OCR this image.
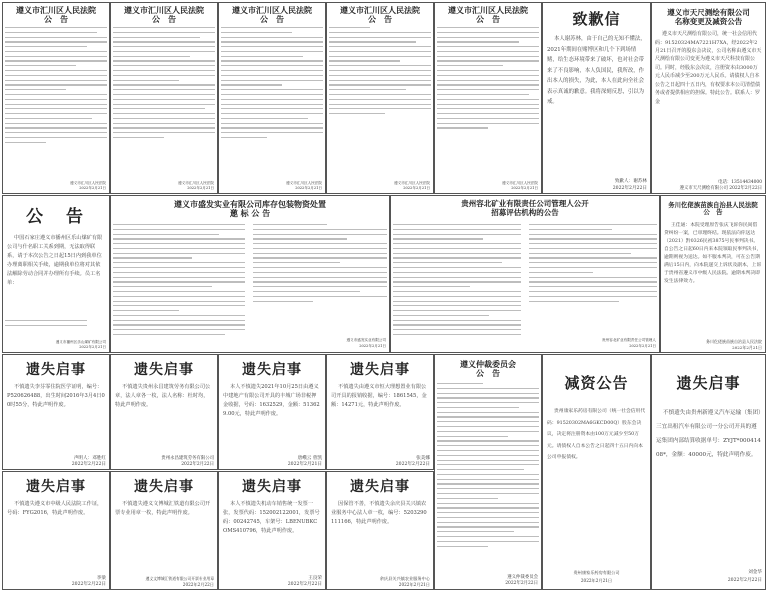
遵义市汇川区人民法院
公　告
遵义市汇川区人民法院
2022年2月21日
遵义市汇川区人民法院
公　告
遵义市汇川区人民法院
2022年2月21日
遵义市汇川区人民法院
公　告
遵义市汇川区人民法院
2022年2月21日
遵义市汇川区人民法院
公　告
遵义市汇川区人民法院
2022年2月21日
遵义市汇川区人民法院
公　告
遵义市汇川区人民法院
2022年2月21日
致歉信
本人谢苏林，由于自己的无知不懂法，2021年期间在赌博区和几个下到场情赌，给生态环境带来了破坏，也对社会带来了不良影响，本人负国民，我所改，作出本人的损失，为此，本人在此向全社会表示真诚的歉意。我将深刻反思，引以为戒。
致歉人：谢苏林
2022年2月22日
遵义市天尺测绘有限公司
名称变更及减资公告
遵义市天尺测绘有限公司，统一社会信用代码：91520324MA7221H7XA，经2022年2月21日召开的股东会决议，公司名称由遵义市天尺测绘有限公司变更为遵义市天尺科技有限公司。同时，经股东会决议，注册资本由3000万元人民币减少至200万元人民币。请债权人自本公告之日起四十五日内，有权要求本公司清偿债务或者提供相应的担保。特此公告。联系人：罗金
电话：13514434000
遵义市天尺测绘有限公司 2022年2月22日
公　告
中国石家庄遵义市播州区乐山煤矿有限公司与什名职工关系到期，无法取得联系，请于本次公告之日起15日内到我单位办理离职相关手续，逾期我单位将对其依法解除劳动合同并办理所有手续。员工名单：
遵义市播州区乐山煤矿有限公司
2022年2月21日
遵义市盛发实业有限公司库存包装物资处置
邀 标 公 告
遵义市盛发实业有限公司
2022年2月21日
贵州容北矿业有限责任公司管理人公开
招募评估机构的公告
贵州容北矿业有限责任公司管理人
2022年2月21日
务川仡佬族苗族自治县人民法院
公　告
王佳通：本院受理原告张庆飞诉你民间借贷纠纷一案，已审理终结。现依法向你送达（2021）黔0326民初3875号民事判决书。自公告之日起60日内来本院领取民事判决书，逾期则视为送达。如不服本判决，可在公告期满后15日内，向本院递交上诉状及副本，上诉于贵州省遵义市中级人民法院。逾期本判决即发生法律效力。
务川仡佬族苗族自治县人民法院
2022年2月21日
遗失启事
不慎遗失李芬霏住院医学证明，编号：P520626488，出生时间2016年3月4日00时55分，特此声明作废。
声明人：邓胜红
2022年2月22日
遗失启事
不慎遗失贵州永昌建筑劳务有限公司公章，法人章各一枚，法人名称：杜时均，特此声明作废。
贵州永昌建筑劳务有限公司
2022年2月22日
遗失启事
本人不慎遗失2021年10月25日由遵义中建地产有限公司开具的丰城广场非税押金收据，号码：1632529，金额：513629.00元，特此声明作废。
唐峨云 曾凯
2022年2月21日
遗失启事
不慎遗失由遵义市恒大理想置业有限公司开具的报销收据，编号：1861545，金额：14271元，特此声明作废。
张美娜
2022年2月22日
遵义仲裁委员会
公　告
遵义仲裁委员会
2022年2月22日
减资公告
贵州康家乐药房有限公司（统一社会信用代码：91520302MA6GKCD00Q）股东会决议，决定将注册资本由100万元减少至50万元。请债权人自本公告之日起四十五日内向本公司申报债权。
贵州康家乐药房有限公司
2022年2月21日
遗失启事
不慎遗失由贵州新遵义汽车运输（集团）三宜出租汽车有限公司一分公司开具的遵运集团内部结算收据单号：ZYJT*00041408*，金额：40000元，特此声明作废。
刘金华
2022年2月22日
遗失启事
不慎遗失遵义市中级人民法院工作证，号码：FYG2016，特此声明作废。
李梁
2022年2月22日
遗失启事
不慎遗失遵义文博城汇铁道有限公司开票专业用章一枚，特此声明作废。
遵义文博城汇铁道有限公司开票专业用章
2022年2月22日
遗失启事
本人不慎遗失机动车销售统一发票一张，发票代码：152002122001，发票号码：00242745，车架号：LBENUBKCOMS410796，特此声明作废。
王良荣
2022年2月22日
遗失启事
因保管不善，不慎遗失余庆县关兴镇农业服务中心法人章一枚，编号：5203290111166，特此声明作废。
余庆县关兴镇农业服务中心
2022年2月21日
